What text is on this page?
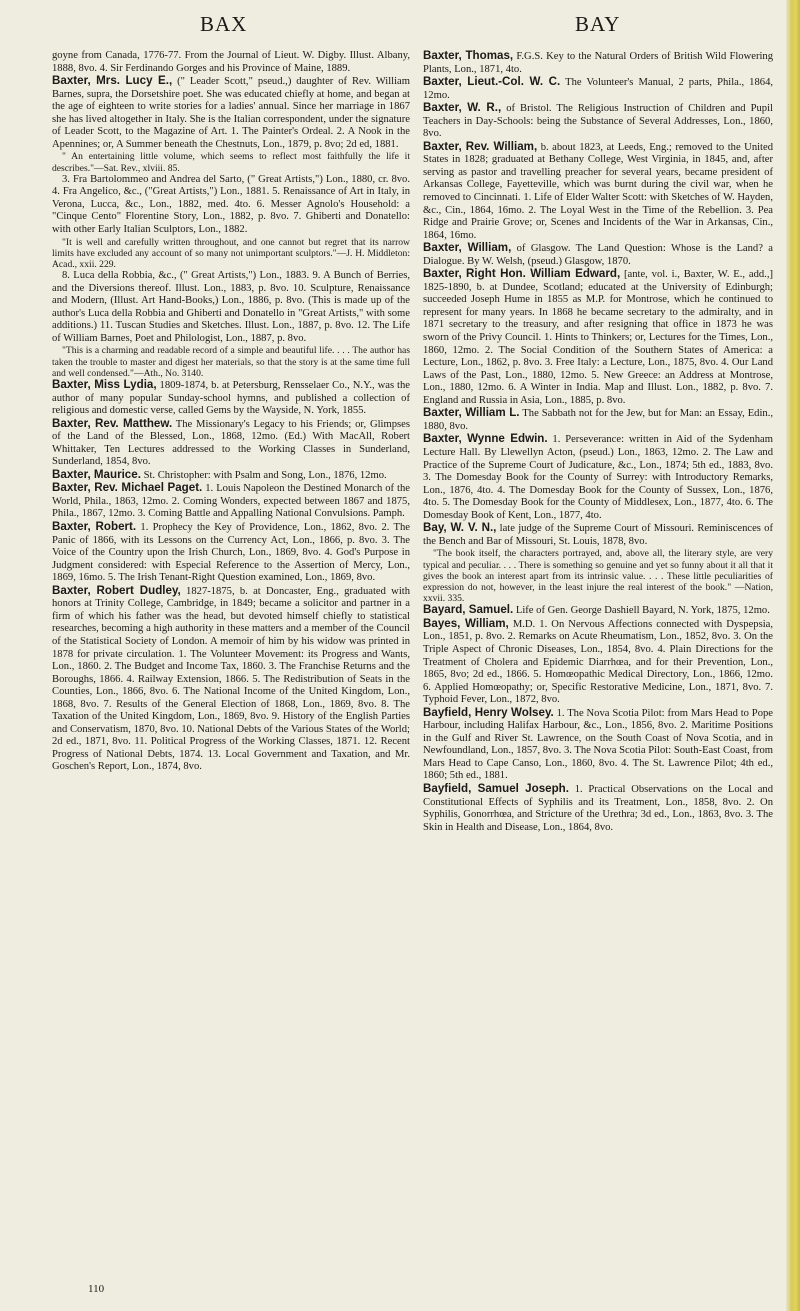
BAX	BAY
goyne from Canada, 1776-77. From the Journal of Lieut. W. Digby. Illust. Albany, 1888, 8vo. 4. Sir Ferdinando Gorges and his Province of Maine, 1889.
Baxter, Mrs. Lucy E., (" Leader Scott," pseud.,) daughter of Rev. William Barnes, supra, the Dorsetshire poet. She was educated chiefly at home, and began at the age of eighteen to write stories for a ladies' annual. Since her marriage in 1867 she has lived altogether in Italy. She is the Italian correspondent, under the signature of Leader Scott, to the Magazine of Art. 1. The Painter's Ordeal. 2. A Nook in the Apennines; or, A Summer beneath the Chestnuts, Lon., 1879, p. 8vo; 2d ed, 1881.
" An entertaining little volume, which seems to reflect most faithfully the life it describes."—Sat. Rev., xlviii. 85.
3. Fra Bartolommeo and Andrea del Sarto, (" Great Artists,") Lon., 1880, cr. 8vo. 4. Fra Angelico, &c., ("Great Artists,") Lon., 1881. 5. Renaissance of Art in Italy, in Verona, Lucca, &c., Lon., 1882, med. 4to. 6. Messer Agnolo's Household: a "Cinque Cento" Florentine Story, Lon., 1882, p. 8vo. 7. Ghiberti and Donatello: with other Early Italian Sculptors, Lon., 1882.
"It is well and carefully written throughout, and one cannot but regret that its narrow limits have excluded any account of so many not unimportant sculptors."—J. H. Middleton: Acad., xxii. 229.
8. Luca della Robbia, &c., (" Great Artists,") Lon., 1883. 9. A Bunch of Berries, and the Diversions thereof. Illust. Lon., 1883, p. 8vo. 10. Sculpture, Renaissance and Modern, (Illust. Art Hand-Books,) Lon., 1886, p. 8vo. (This is made up of the author's Luca della Robbia and Ghiberti and Donatello in "Great Artists," with some additions.) 11. Tuscan Studies and Sketches. Illust. Lon., 1887, p. 8vo. 12. The Life of William Barnes, Poet and Philologist, Lon., 1887, p. 8vo.
"This is a charming and readable record of a simple and beautiful life. . . . The author has taken the trouble to master and digest her materials, so that the story is at the same time full and well condensed."—Ath., No. 3140.
Baxter, Miss Lydia, 1809-1874, b. at Petersburg, Rensselaer Co., N.Y., was the author of many popular Sunday-school hymns, and published a collection of religious and domestic verse, called Gems by the Wayside, N. York, 1855.
Baxter, Rev. Matthew. The Missionary's Legacy to his Friends; or, Glimpses of the Land of the Blessed, Lon., 1868, 12mo. (Ed.) With MacAll, Robert Whittaker, Ten Lectures addressed to the Working Classes in Sunderland, Sunderland, 1854, 8vo.
Baxter, Maurice. St. Christopher: with Psalm and Song, Lon., 1876, 12mo.
Baxter, Rev. Michael Paget. 1. Louis Napoleon the Destined Monarch of the World, Phila., 1863, 12mo. 2. Coming Wonders, expected between 1867 and 1875, Phila., 1867, 12mo. 3. Coming Battle and Appalling National Convulsions. Pamph.
Baxter, Robert. 1. Prophecy the Key of Providence, Lon., 1862, 8vo. 2. The Panic of 1866, with its Lessons on the Currency Act, Lon., 1866, p. 8vo. 3. The Voice of the Country upon the Irish Church, Lon., 1869, 8vo. 4. God's Purpose in Judgment considered: with Especial Reference to the Assertion of Mercy, Lon., 1869, 16mo. 5. The Irish Tenant-Right Question examined, Lon., 1869, 8vo.
Baxter, Robert Dudley, 1827-1875, b. at Doncaster, Eng., graduated with honors at Trinity College, Cambridge, in 1849; became a solicitor and partner in a firm of which his father was the head, but devoted himself chiefly to statistical researches, becoming a high authority in these matters and a member of the Council of the Statistical Society of London. A memoir of him by his widow was printed in 1878 for private circulation. 1. The Volunteer Movement: its Progress and Wants, Lon., 1860. 2. The Budget and Income Tax, 1860. 3. The Franchise Returns and the Boroughs, 1866. 4. Railway Extension, 1866. 5. The Redistribution of Seats in the Counties, Lon., 1866, 8vo. 6. The National Income of the United Kingdom, Lon., 1868, 8vo. 7. Results of the General Election of 1868, Lon., 1869, 8vo. 8. The Taxation of the United Kingdom, Lon., 1869, 8vo. 9. History of the English Parties and Conservatism, 1870, 8vo. 10. National Debts of the Various States of the World; 2d ed., 1871, 8vo. 11. Political Progress of the Working Classes, 1871. 12. Recent Progress of National Debts, 1874. 13. Local Government and Taxation, and Mr. Goschen's Report, Lon., 1874, 8vo.
Baxter, Thomas, F.G.S. Key to the Natural Orders of British Wild Flowering Plants, Lon., 1871, 4to.
Baxter, Lieut.-Col. W. C. The Volunteer's Manual, 2 parts, Phila., 1864, 12mo.
Baxter, W. R., of Bristol. The Religious Instruction of Children and Pupil Teachers in Day-Schools: being the Substance of Several Addresses, Lon., 1860, 8vo.
Baxter, Rev. William, b. about 1823, at Leeds, Eng.; removed to the United States in 1828; graduated at Bethany College, West Virginia, in 1845, and, after serving as pastor and travelling preacher for several years, became president of Arkansas College, Fayetteville, which was burnt during the civil war, when he removed to Cincinnati. 1. Life of Elder Walter Scott: with Sketches of W. Hayden, &c., Cin., 1864, 16mo. 2. The Loyal West in the Time of the Rebellion. 3. Pea Ridge and Prairie Grove; or, Scenes and Incidents of the War in Arkansas, Cin., 1864, 16mo.
Baxter, William, of Glasgow. The Land Question: Whose is the Land? a Dialogue. By W. Welsh, (pseud.) Glasgow, 1870.
Baxter, Right Hon. William Edward, [ante, vol. i., Baxter, W. E., add.,] 1825-1890, b. at Dundee, Scotland; educated at the University of Edinburgh; succeeded Joseph Hume in 1855 as M.P. for Montrose, which he continued to represent for many years. In 1868 he became secretary to the admiralty, and in 1871 secretary to the treasury, and after resigning that office in 1873 he was sworn of the Privy Council. 1. Hints to Thinkers; or, Lectures for the Times, Lon., 1860, 12mo. 2. The Social Condition of the Southern States of America: a Lecture, Lon., 1862, p. 8vo. 3. Free Italy: a Lecture, Lon., 1875, 8vo. 4. Our Land Laws of the Past, Lon., 1880, 12mo. 5. New Greece: an Address at Montrose, Lon., 1880, 12mo. 6. A Winter in India. Map and Illust. Lon., 1882, p. 8vo. 7. England and Russia in Asia, Lon., 1885, p. 8vo.
Baxter, William L. The Sabbath not for the Jew, but for Man: an Essay, Edin., 1880, 8vo.
Baxter, Wynne Edwin. 1. Perseverance: written in Aid of the Sydenham Lecture Hall. By Llewellyn Acton, (pseud.) Lon., 1863, 12mo. 2. The Law and Practice of the Supreme Court of Judicature, &c., Lon., 1874; 5th ed., 1883, 8vo. 3. The Domesday Book for the County of Surrey: with Introductory Remarks, Lon., 1876, 4to. 4. The Domesday Book for the County of Sussex, Lon., 1876, 4to. 5. The Domesday Book for the County of Middlesex, Lon., 1877, 4to. 6. The Domesday Book of Kent, Lon., 1877, 4to.
Bay, W. V. N., late judge of the Supreme Court of Missouri. Reminiscences of the Bench and Bar of Missouri, St. Louis, 1878, 8vo.
"The book itself, the characters portrayed, and, above all, the literary style, are very typical and peculiar. . . . There is something so genuine and yet so funny about it all that it gives the book an interest apart from its intrinsic value. . . . These little peculiarities of expression do not, however, in the least injure the real interest of the book." —Nation, xxvii. 335.
Bayard, Samuel. Life of Gen. George Dashiell Bayard, N. York, 1875, 12mo.
Bayes, William, M.D. 1. On Nervous Affections connected with Dyspepsia, Lon., 1851, p. 8vo. 2. Remarks on Acute Rheumatism, Lon., 1852, 8vo. 3. On the Triple Aspect of Chronic Diseases, Lon., 1854, 8vo. 4. Plain Directions for the Treatment of Cholera and Epidemic Diarrhœa, and for their Prevention, Lon., 1865, 8vo; 2d ed., 1866. 5. Homœopathic Medical Directory, Lon., 1866, 12mo. 6. Applied Homœopathy; or, Specific Restorative Medicine, Lon., 1871, 8vo. 7. Typhoid Fever, Lon., 1872, 8vo.
Bayfield, Henry Wolsey. 1. The Nova Scotia Pilot: from Mars Head to Pope Harbour, including Halifax Harbour, &c., Lon., 1856, 8vo. 2. Maritime Positions in the Gulf and River St. Lawrence, on the South Coast of Nova Scotia, and in Newfoundland, Lon., 1857, 8vo. 3. The Nova Scotia Pilot: South-East Coast, from Mars Head to Cape Canso, Lon., 1860, 8vo. 4. The St. Lawrence Pilot; 4th ed., 1860; 5th ed., 1881.
Bayfield, Samuel Joseph. 1. Practical Observations on the Local and Constitutional Effects of Syphilis and its Treatment, Lon., 1858, 8vo. 2. On Syphilis, Gonorrhœa, and Stricture of the Urethra; 3d ed., Lon., 1863, 8vo. 3. The Skin in Health and Disease, Lon., 1864, 8vo.
110
